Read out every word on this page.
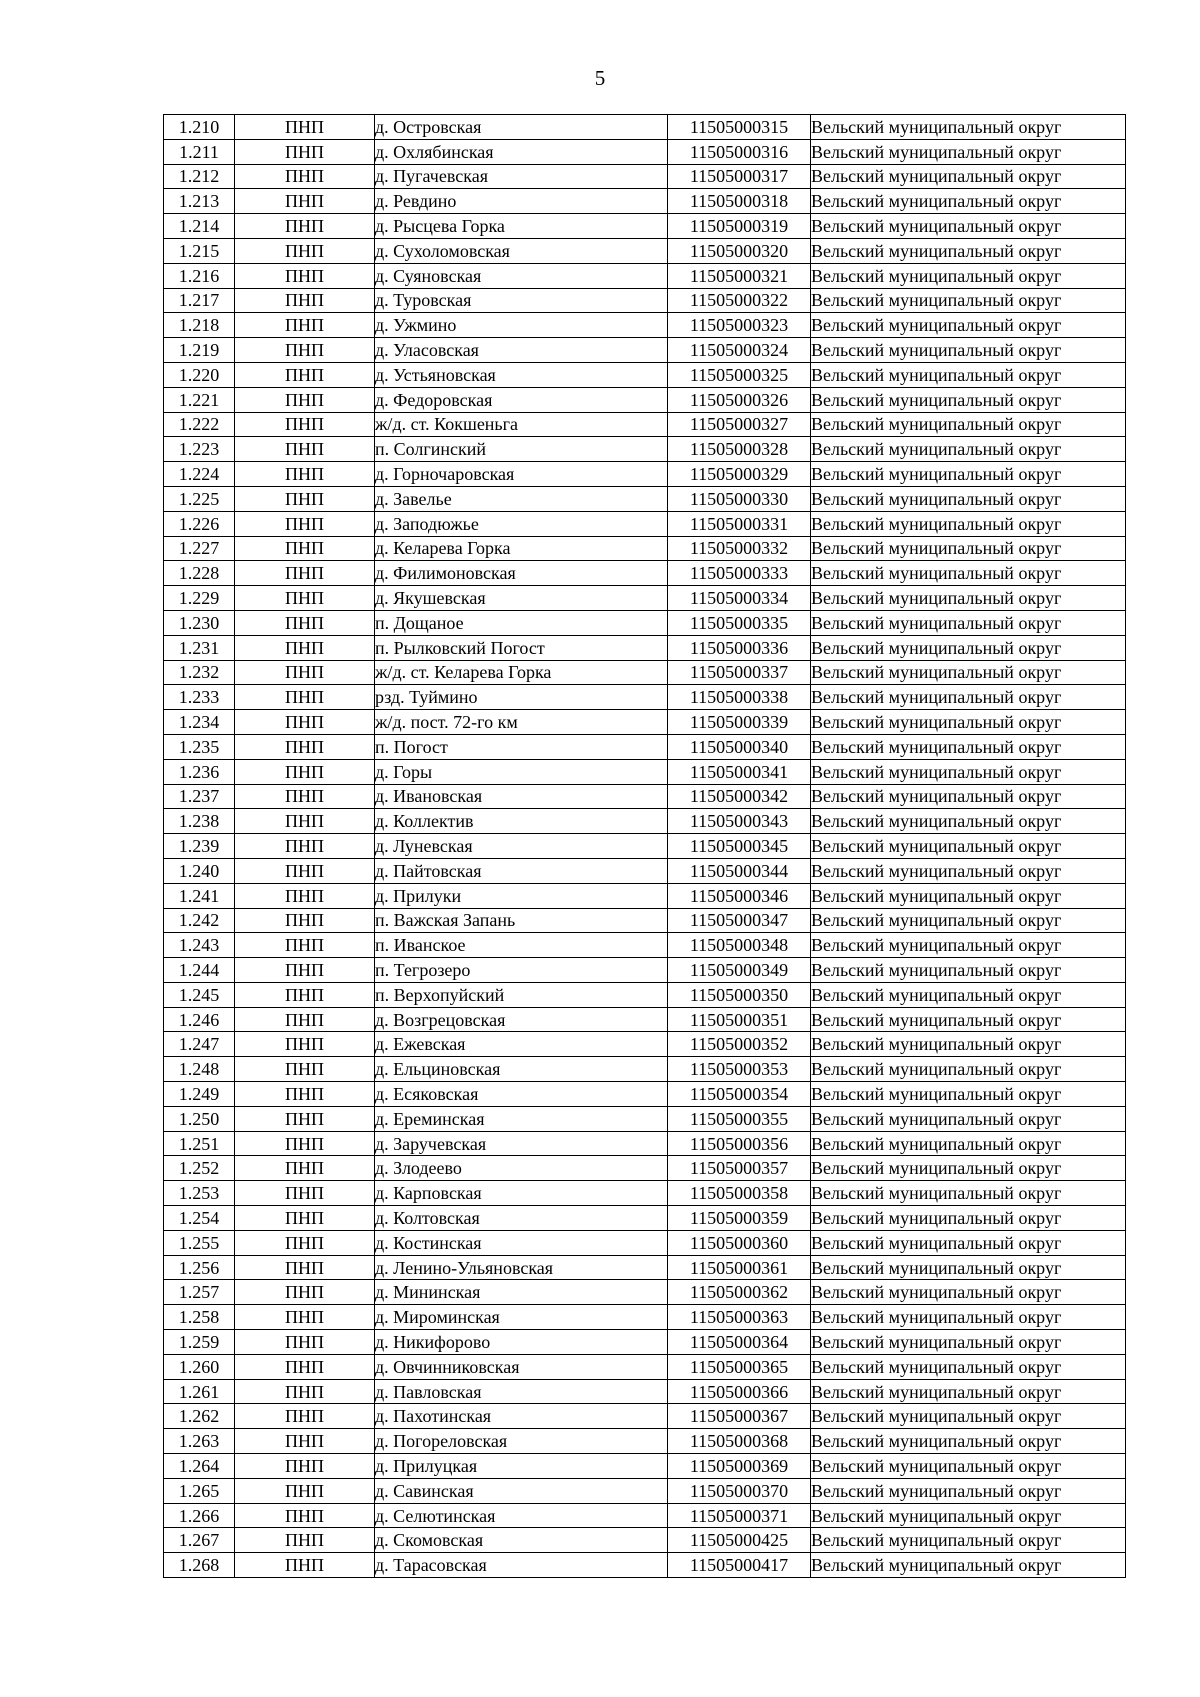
5
1.210	ПНП	д. Островская	11505000315	Вельский муниципальный округ
1.211	ПНП	д. Охлябинская	11505000316	Вельский муниципальный округ
1.212	ПНП	д. Пугачевская	11505000317	Вельский муниципальный округ
1.213	ПНП	д. Ревдино	11505000318	Вельский муниципальный округ
1.214	ПНП	д. Рысцева Горка	11505000319	Вельский муниципальный округ
1.215	ПНП	д. Сухоломовская	11505000320	Вельский муниципальный округ
1.216	ПНП	д. Суяновская	11505000321	Вельский муниципальный округ
1.217	ПНП	д. Туровская	11505000322	Вельский муниципальный округ
1.218	ПНП	д. Ужмино	11505000323	Вельский муниципальный округ
1.219	ПНП	д. Уласовская	11505000324	Вельский муниципальный округ
1.220	ПНП	д. Устьяновская	11505000325	Вельский муниципальный округ
1.221	ПНП	д. Федоровская	11505000326	Вельский муниципальный округ
1.222	ПНП	ж/д. ст. Кокшеньга	11505000327	Вельский муниципальный округ
1.223	ПНП	п. Солгинский	11505000328	Вельский муниципальный округ
1.224	ПНП	д. Горночаровская	11505000329	Вельский муниципальный округ
1.225	ПНП	д. Завелье	11505000330	Вельский муниципальный округ
1.226	ПНП	д. Заподюжье	11505000331	Вельский муниципальный округ
1.227	ПНП	д. Келарева Горка	11505000332	Вельский муниципальный округ
1.228	ПНП	д. Филимоновская	11505000333	Вельский муниципальный округ
1.229	ПНП	д. Якушевская	11505000334	Вельский муниципальный округ
1.230	ПНП	п. Дощаное	11505000335	Вельский муниципальный округ
1.231	ПНП	п. Рылковский Погост	11505000336	Вельский муниципальный округ
1.232	ПНП	ж/д. ст. Келарева Горка	11505000337	Вельский муниципальный округ
1.233	ПНП	рзд. Туймино	11505000338	Вельский муниципальный округ
1.234	ПНП	ж/д. пост. 72-го км	11505000339	Вельский муниципальный округ
1.235	ПНП	п. Погост	11505000340	Вельский муниципальный округ
1.236	ПНП	д. Горы	11505000341	Вельский муниципальный округ
1.237	ПНП	д. Ивановская	11505000342	Вельский муниципальный округ
1.238	ПНП	д. Коллектив	11505000343	Вельский муниципальный округ
1.239	ПНП	д. Луневская	11505000345	Вельский муниципальный округ
1.240	ПНП	д. Пайтовская	11505000344	Вельский муниципальный округ
1.241	ПНП	д. Прилуки	11505000346	Вельский муниципальный округ
1.242	ПНП	п. Важская Запань	11505000347	Вельский муниципальный округ
1.243	ПНП	п. Иванское	11505000348	Вельский муниципальный округ
1.244	ПНП	п. Тегрозеро	11505000349	Вельский муниципальный округ
1.245	ПНП	п. Верхопуйский	11505000350	Вельский муниципальный округ
1.246	ПНП	д. Возгрецовская	11505000351	Вельский муниципальный округ
1.247	ПНП	д. Ежевская	11505000352	Вельский муниципальный округ
1.248	ПНП	д. Ельциновская	11505000353	Вельский муниципальный округ
1.249	ПНП	д. Есяковская	11505000354	Вельский муниципальный округ
1.250	ПНП	д. Ереминская	11505000355	Вельский муниципальный округ
1.251	ПНП	д. Заручевская	11505000356	Вельский муниципальный округ
1.252	ПНП	д. Злодеево	11505000357	Вельский муниципальный округ
1.253	ПНП	д. Карповская	11505000358	Вельский муниципальный округ
1.254	ПНП	д. Колтовская	11505000359	Вельский муниципальный округ
1.255	ПНП	д. Костинская	11505000360	Вельский муниципальный округ
1.256	ПНП	д. Ленино-Ульяновская	11505000361	Вельский муниципальный округ
1.257	ПНП	д. Мининская	11505000362	Вельский муниципальный округ
1.258	ПНП	д. Мироминская	11505000363	Вельский муниципальный округ
1.259	ПНП	д. Никифорово	11505000364	Вельский муниципальный округ
1.260	ПНП	д. Овчинниковская	11505000365	Вельский муниципальный округ
1.261	ПНП	д. Павловская	11505000366	Вельский муниципальный округ
1.262	ПНП	д. Пахотинская	11505000367	Вельский муниципальный округ
1.263	ПНП	д. Погореловская	11505000368	Вельский муниципальный округ
1.264	ПНП	д. Прилуцкая	11505000369	Вельский муниципальный округ
1.265	ПНП	д. Савинская	11505000370	Вельский муниципальный округ
1.266	ПНП	д. Селютинская	11505000371	Вельский муниципальный округ
1.267	ПНП	д. Скомовская	11505000425	Вельский муниципальный округ
1.268	ПНП	д. Тарасовская	11505000417	Вельский муниципальный округ
